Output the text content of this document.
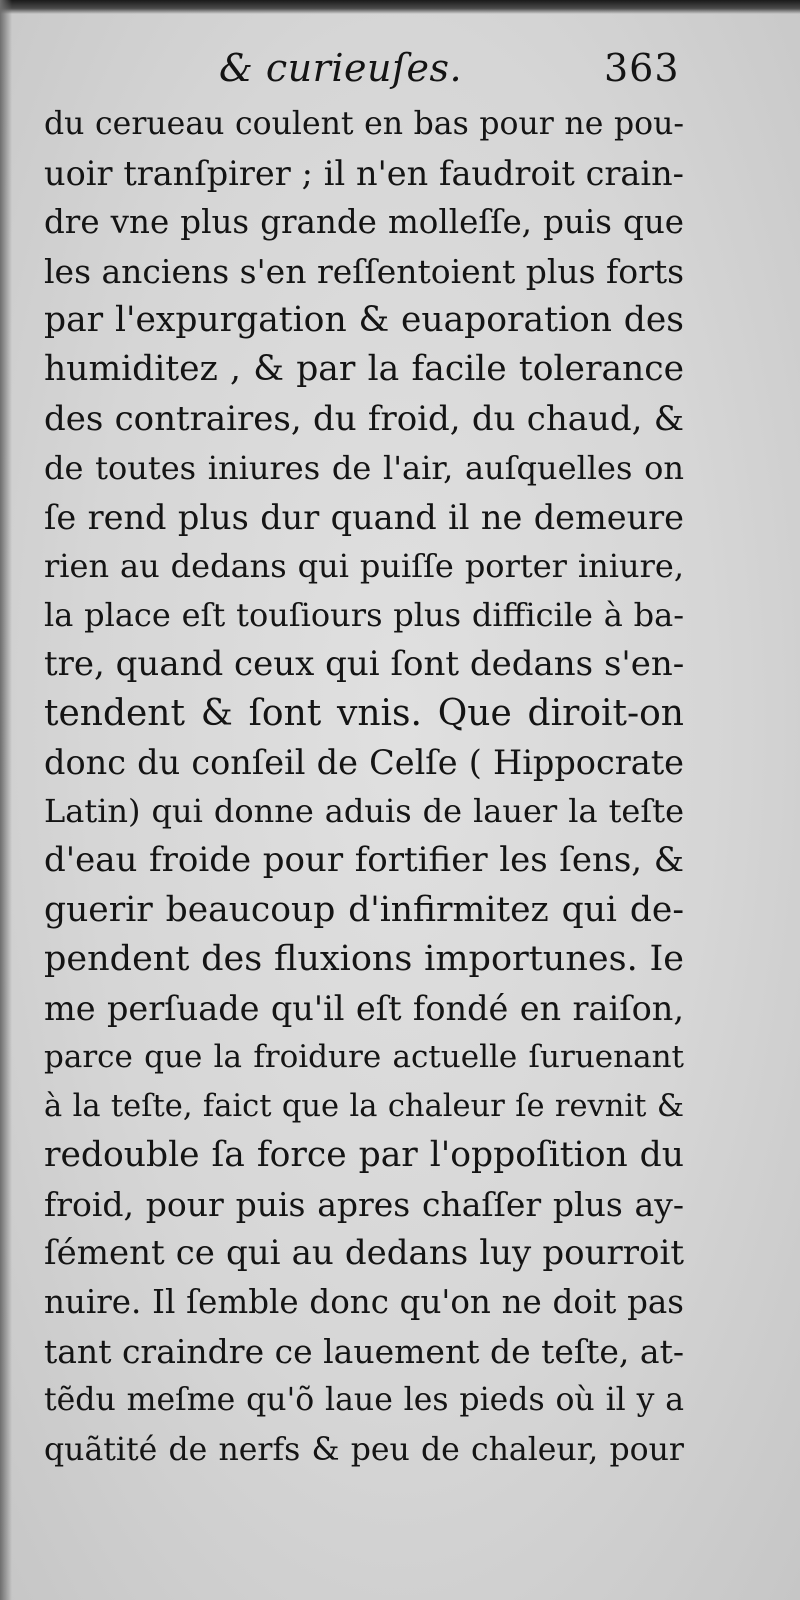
& curieuſes.	363
du cerueau coulent en bas pour ne pou-
uoir tranſpirer ; il n'en faudroit crain-
dre vne plus grande molleſſe, puis que
les anciens s'en reſſentoient plus forts
par l'expurgation & euaporation des
humiditez , & par la facile tolerance
des contraires, du froid, du chaud, &
de toutes iniures de l'air, auſquelles on
ſe rend plus dur quand il ne demeure
rien au dedans qui puiſſe porter iniure,
la place eſt touſiours plus difficile à ba-
tre, quand ceux qui ſont dedans s'en-
tendent & ſont vnis. Que diroit-on
donc du conſeil de Celſe ( Hippocrate
Latin) qui donne aduis de lauer la teſte
d'eau froide pour fortifier les ſens, &
guerir beaucoup d'infirmitez qui de-
pendent des fluxions importunes. Ie
me perſuade qu'il eſt fondé en raiſon,
parce que la froidure actuelle ſuruenant
à la teſte, faict que la chaleur ſe revnit &
redouble ſa force par l'oppoſition du
froid, pour puis apres chaſſer plus ay-
ſément ce qui au dedans luy pourroit
nuire. Il ſemble donc qu'on ne doit pas
tant craindre ce lauement de teſte, at-
tẽdu meſme qu'õ laue les pieds où il y a
quãtité de nerfs & peu de chaleur, pour
